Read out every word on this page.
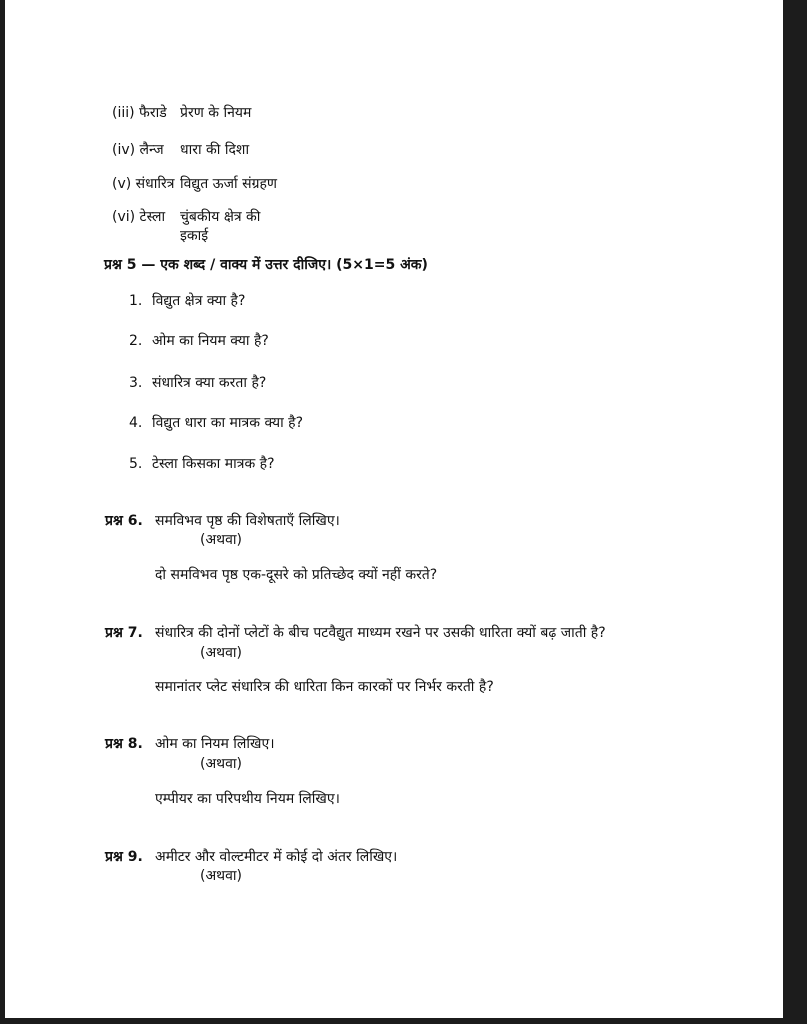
(iii) फैराडे प्रेरण के नियम
(iv) लैन्ज धारा की दिशा
(v) संधारित्र विद्युत ऊर्जा संग्रहण
(vi) टेस्ला चुंबकीय क्षेत्र की
इकाई
प्रश्न 5 — एक शब्द / वाक्य में उत्तर दीजिए। (5×1=5 अंक)
1. विद्युत क्षेत्र क्या है?
2. ओम का नियम क्या है?
3. संधारित्र क्या करता है?
4. विद्युत धारा का मात्रक क्या है?
5. टेस्ला किसका मात्रक है?
प्रश्न 6. समविभव पृष्ठ की विशेषताएँ लिखिए।
(अथवा)
दो समविभव पृष्ठ एक-दूसरे को प्रतिच्छेद क्यों नहीं करते?
प्रश्न 7. संधारित्र की दोनों प्लेटों के बीच पटवैद्युत माध्यम रखने पर उसकी धारिता क्यों बढ़ जाती है?
(अथवा)
समानांतर प्लेट संधारित्र की धारिता किन कारकों पर निर्भर करती है?
प्रश्न 8. ओम का नियम लिखिए।
(अथवा)
एम्पीयर का परिपथीय नियम लिखिए।
प्रश्न 9. अमीटर और वोल्टमीटर में कोई दो अंतर लिखिए।
(अथवा)
